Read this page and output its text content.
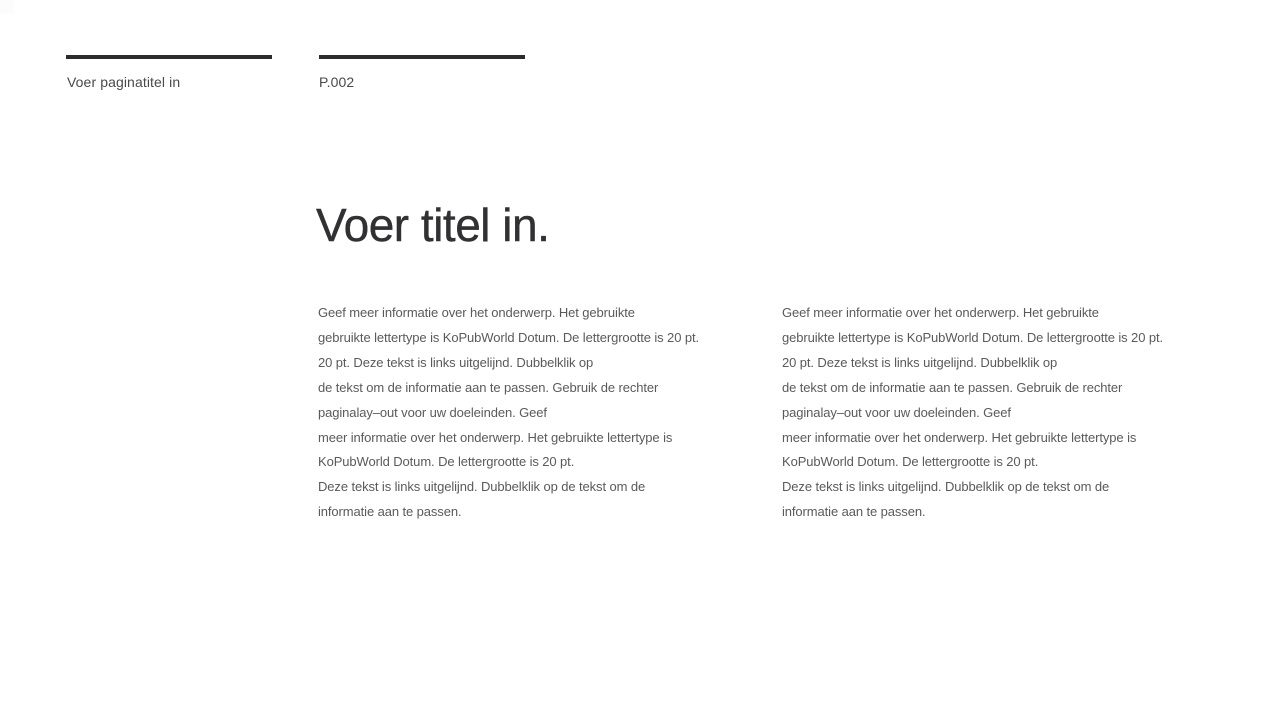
Voer paginatitel in	P.002
Voer titel in.
Geef meer informatie over het onderwerp. Het gebruikte
gebruikte lettertype is KoPubWorld Dotum. De lettergrootte is 20 pt.
20 pt. Deze tekst is links uitgelijnd. Dubbelklik op
de tekst om de informatie aan te passen. Gebruik de rechter
paginalay–out voor uw doeleinden. Geef
meer informatie over het onderwerp. Het gebruikte lettertype is
KoPubWorld Dotum. De lettergrootte is 20 pt.
Deze tekst is links uitgelijnd. Dubbelklik op de tekst om de
informatie aan te passen.
Geef meer informatie over het onderwerp. Het gebruikte
gebruikte lettertype is KoPubWorld Dotum. De lettergrootte is 20 pt.
20 pt. Deze tekst is links uitgelijnd. Dubbelklik op
de tekst om de informatie aan te passen. Gebruik de rechter
paginalay–out voor uw doeleinden. Geef
meer informatie over het onderwerp. Het gebruikte lettertype is
KoPubWorld Dotum. De lettergrootte is 20 pt.
Deze tekst is links uitgelijnd. Dubbelklik op de tekst om de
informatie aan te passen.
